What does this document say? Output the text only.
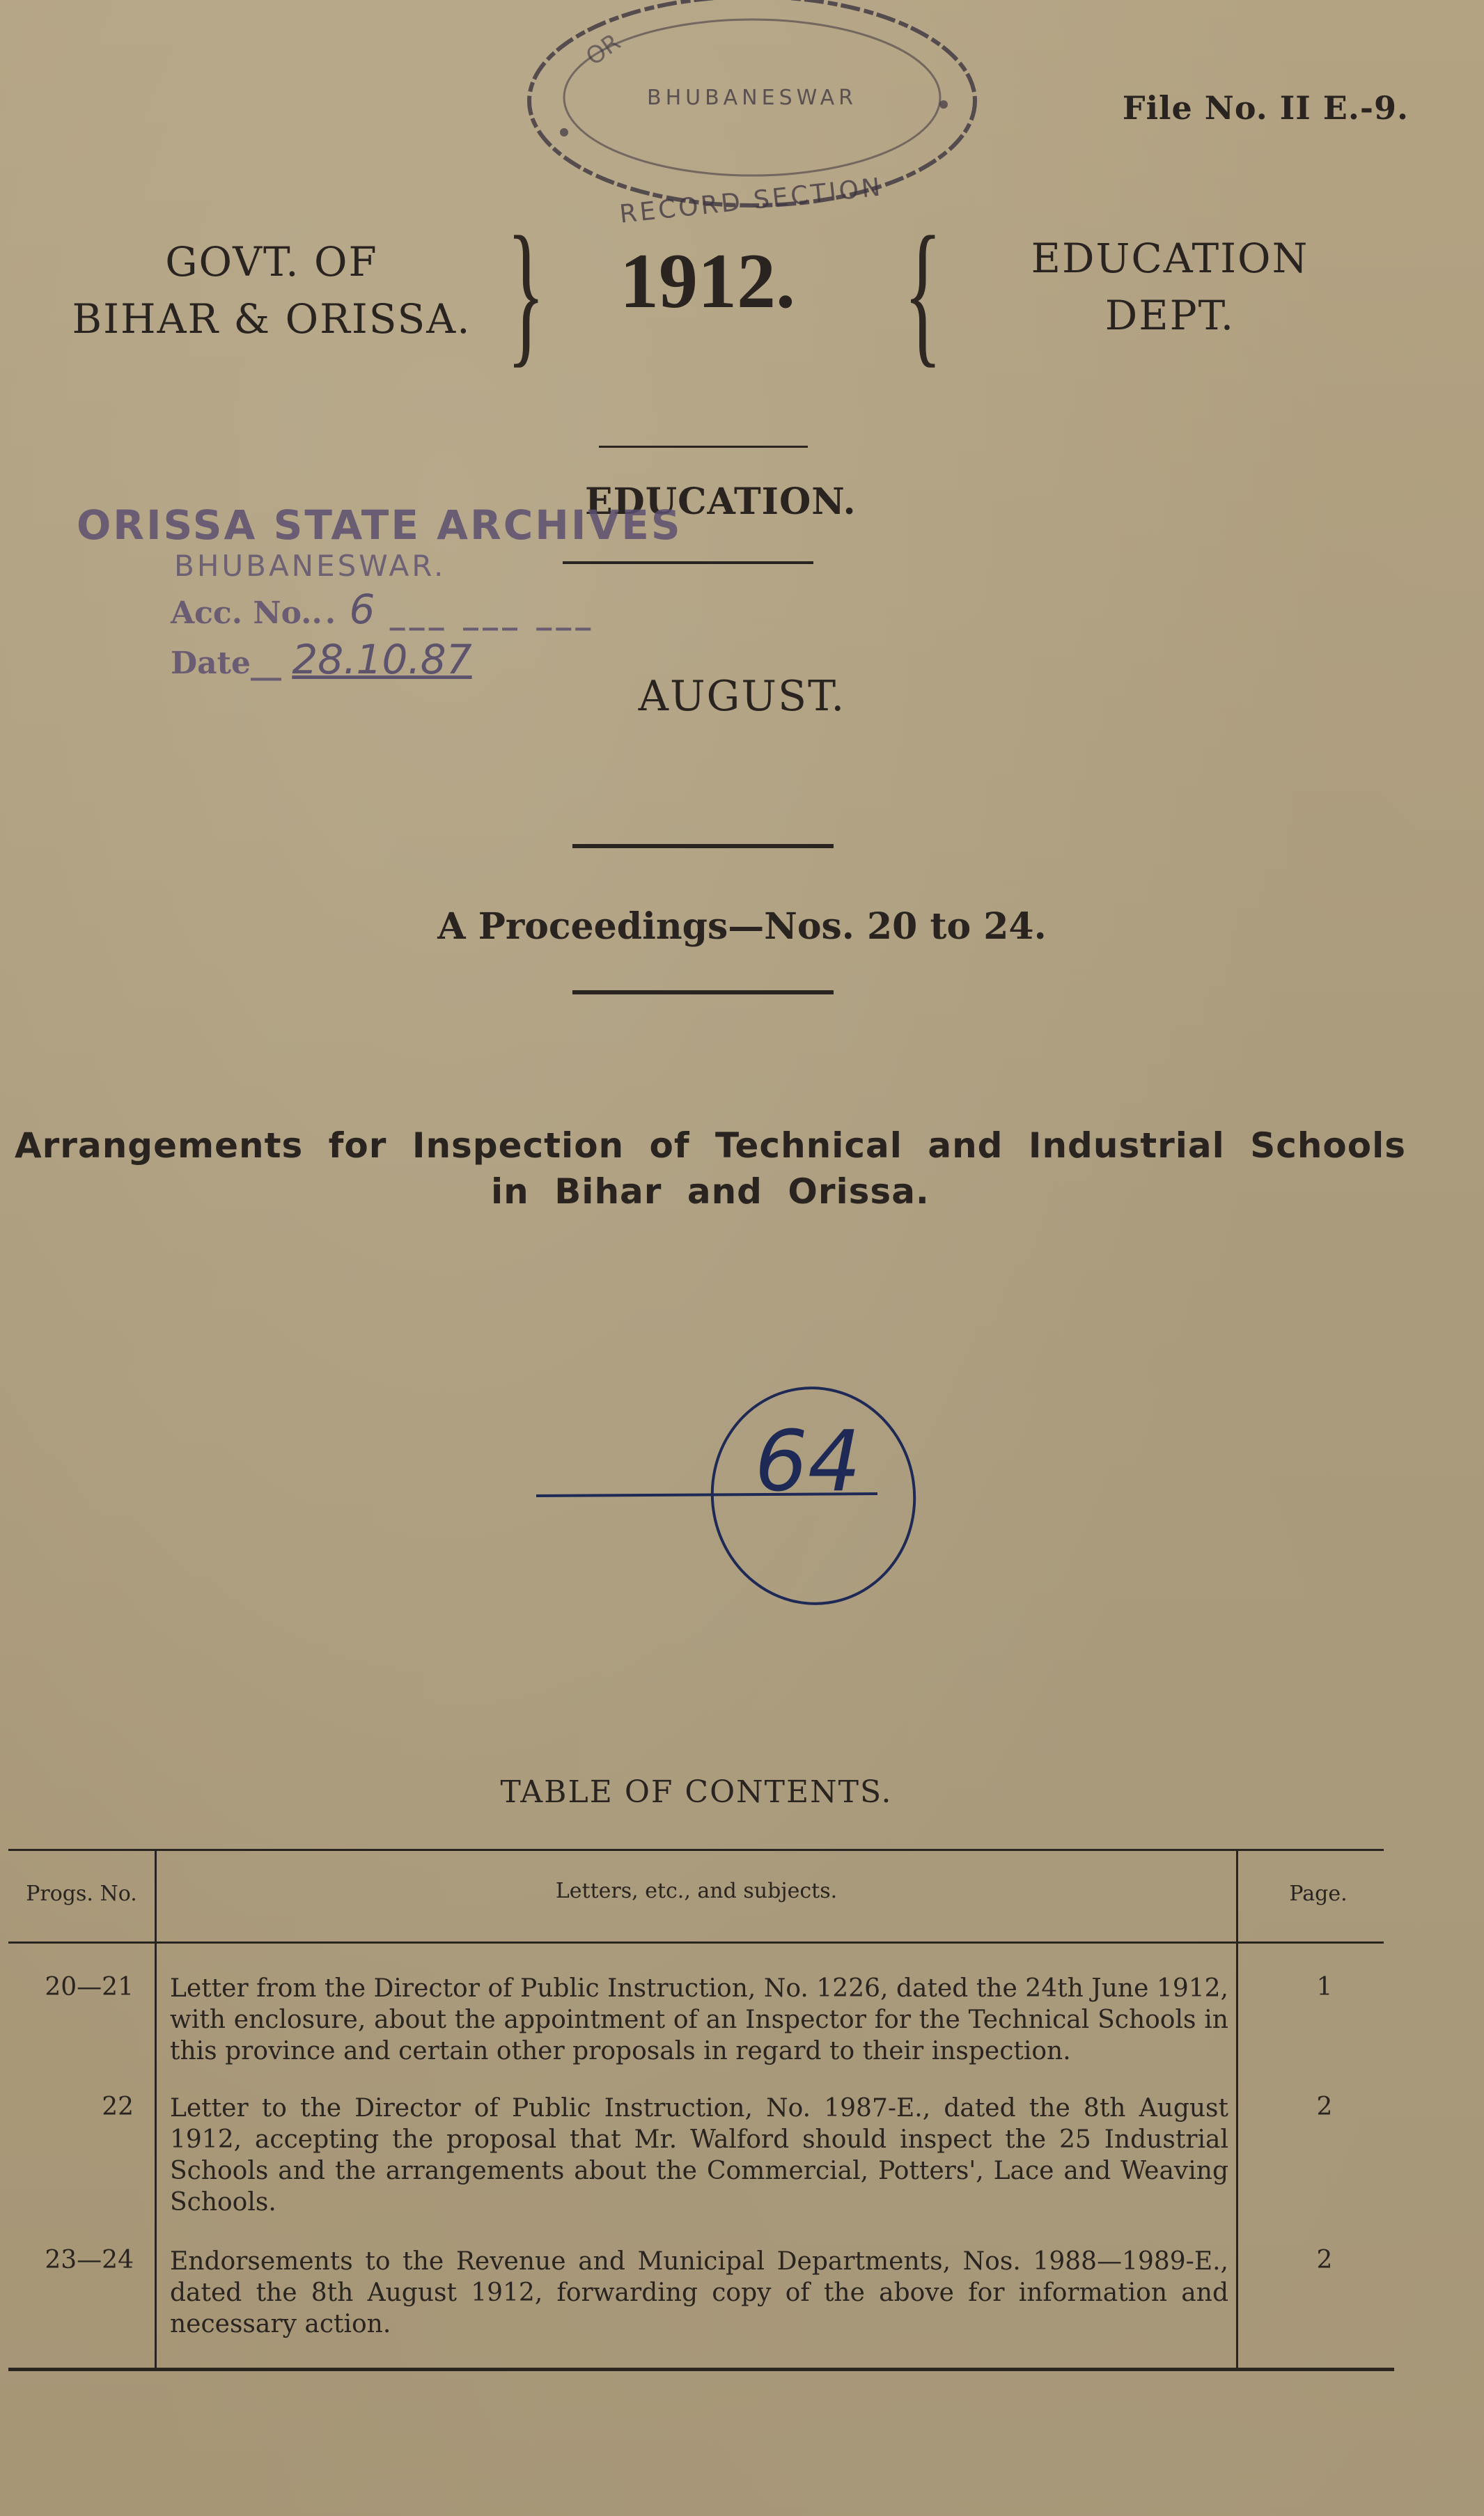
OR
BHUBANESWAR
RECORD SECTION
File No. II E.-9.
GOVT. OF
BIHAR & ORISSA. } 1912. {	EDUCATION
DEPT.
EDUCATION.
ORISSA STATE ARCHIVES
BHUBANESWAR.
Acc. No... 6 ___ ___ ___
Date__ 28.10.87
AUGUST.
A Proceedings—Nos. 20 to 24.
Arrangements for Inspection of Technical and Industrial Schools in Bihar and Orissa.
64
TABLE OF CONTENTS.
Progs. No.	Letters, etc., and subjects.	Page.
20—21 Letter from the Director of Public Instruction, No. 1226, dated the 24th June 1912, with enclosure, about the appointment of an Inspector for the Technical Schools in this province and certain other proposals in regard to their inspection.
1
22 Letter to the Director of Public Instruction, No. 1987-E., dated the 8th August 1912, accepting the proposal that Mr. Walford should inspect the 25 Industrial Schools and the arrangements about the Commercial, Potters', Lace and Weaving Schools.
2
23—24 Endorsements to the Revenue and Municipal Departments, Nos. 1988—1989-E., dated the 8th August 1912, forwarding copy of the above for information and necessary action.
2
